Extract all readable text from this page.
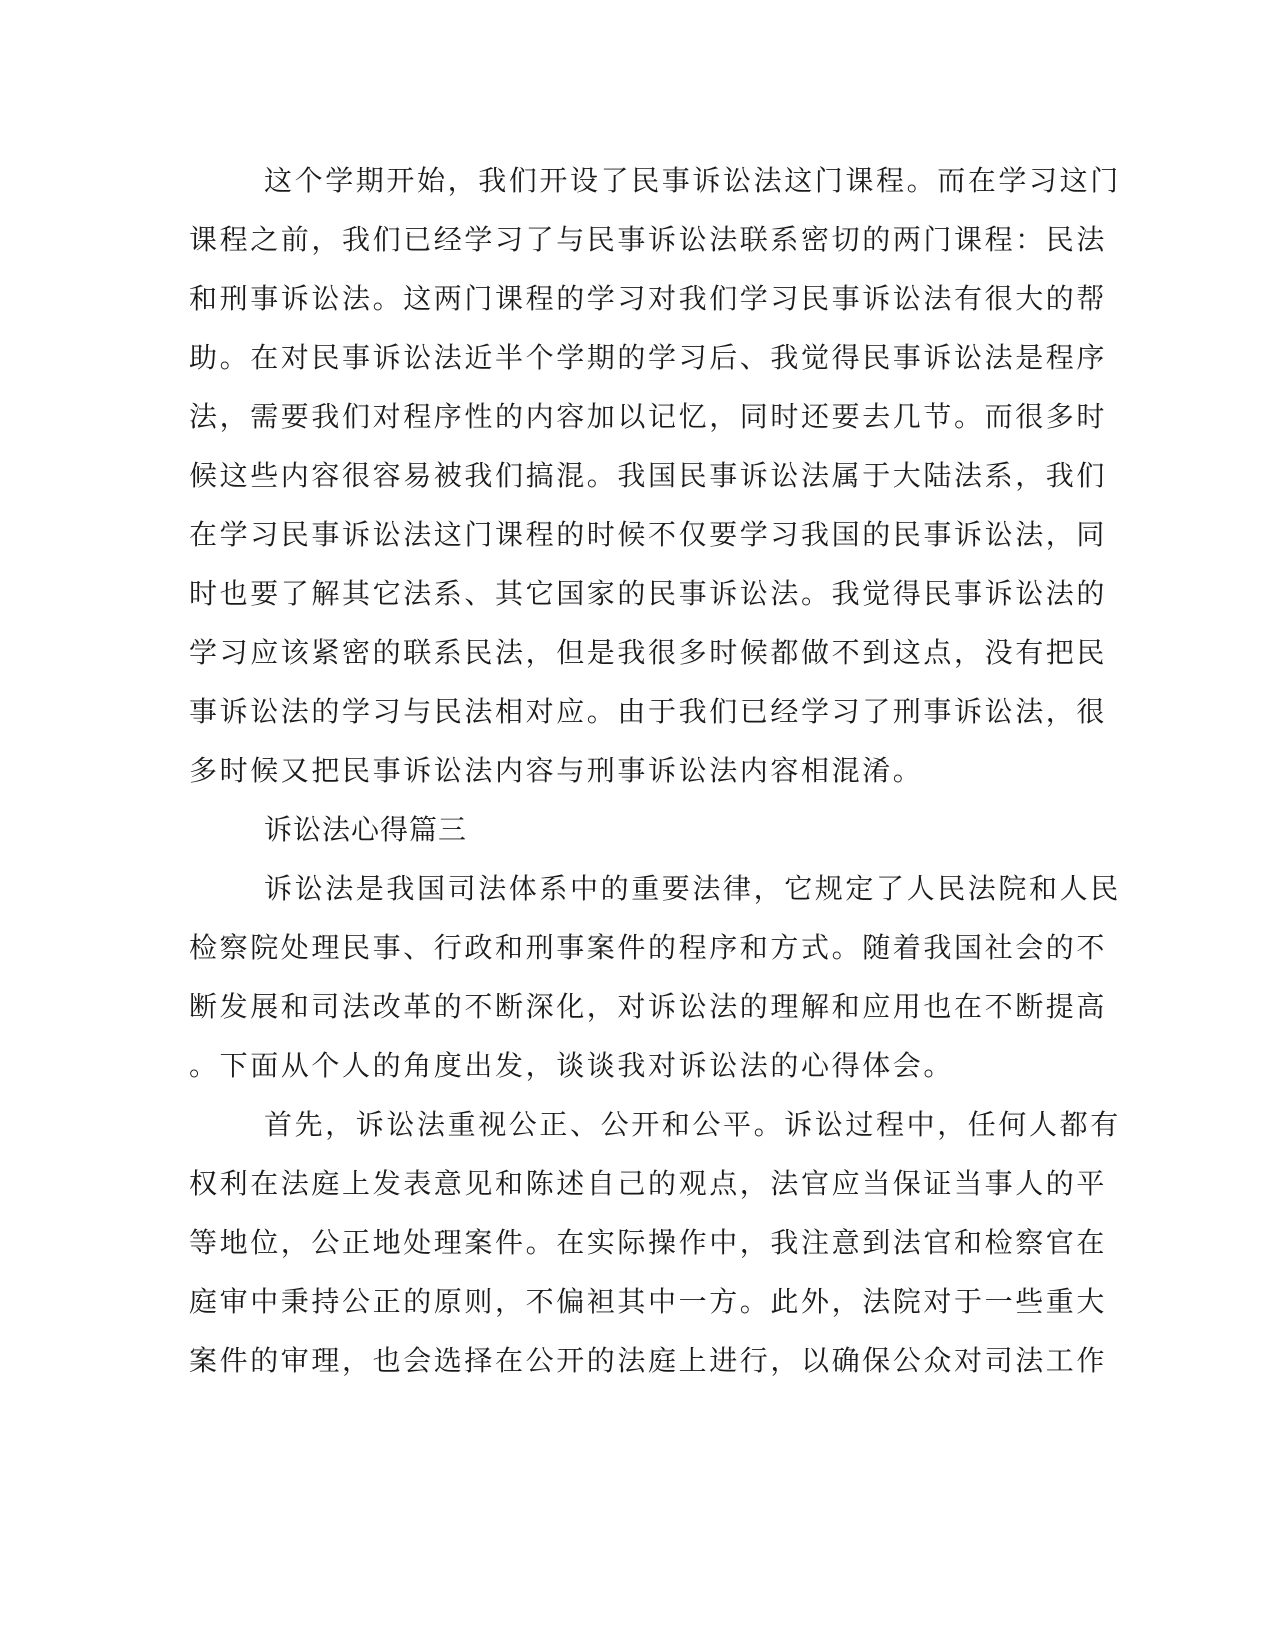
这个学期开始，我们开设了民事诉讼法这门课程。而在学习这门
课程之前，我们已经学习了与民事诉讼法联系密切的两门课程：民法
和刑事诉讼法。这两门课程的学习对我们学习民事诉讼法有很大的帮
助。在对民事诉讼法近半个学期的学习后、我觉得民事诉讼法是程序
法，需要我们对程序性的内容加以记忆，同时还要去几节。而很多时
候这些内容很容易被我们搞混。我国民事诉讼法属于大陆法系，我们
在学习民事诉讼法这门课程的时候不仅要学习我国的民事诉讼法，同
时也要了解其它法系、其它国家的民事诉讼法。我觉得民事诉讼法的
学习应该紧密的联系民法，但是我很多时候都做不到这点，没有把民
事诉讼法的学习与民法相对应。由于我们已经学习了刑事诉讼法，很
多时候又把民事诉讼法内容与刑事诉讼法内容相混淆。
诉讼法心得篇三
诉讼法是我国司法体系中的重要法律，它规定了人民法院和人民
检察院处理民事、行政和刑事案件的程序和方式。随着我国社会的不
断发展和司法改革的不断深化，对诉讼法的理解和应用也在不断提高
。下面从个人的角度出发，谈谈我对诉讼法的心得体会。
首先，诉讼法重视公正、公开和公平。诉讼过程中，任何人都有
权利在法庭上发表意见和陈述自己的观点，法官应当保证当事人的平
等地位，公正地处理案件。在实际操作中，我注意到法官和检察官在
庭审中秉持公正的原则，不偏袒其中一方。此外，法院对于一些重大
案件的审理，也会选择在公开的法庭上进行，以确保公众对司法工作
